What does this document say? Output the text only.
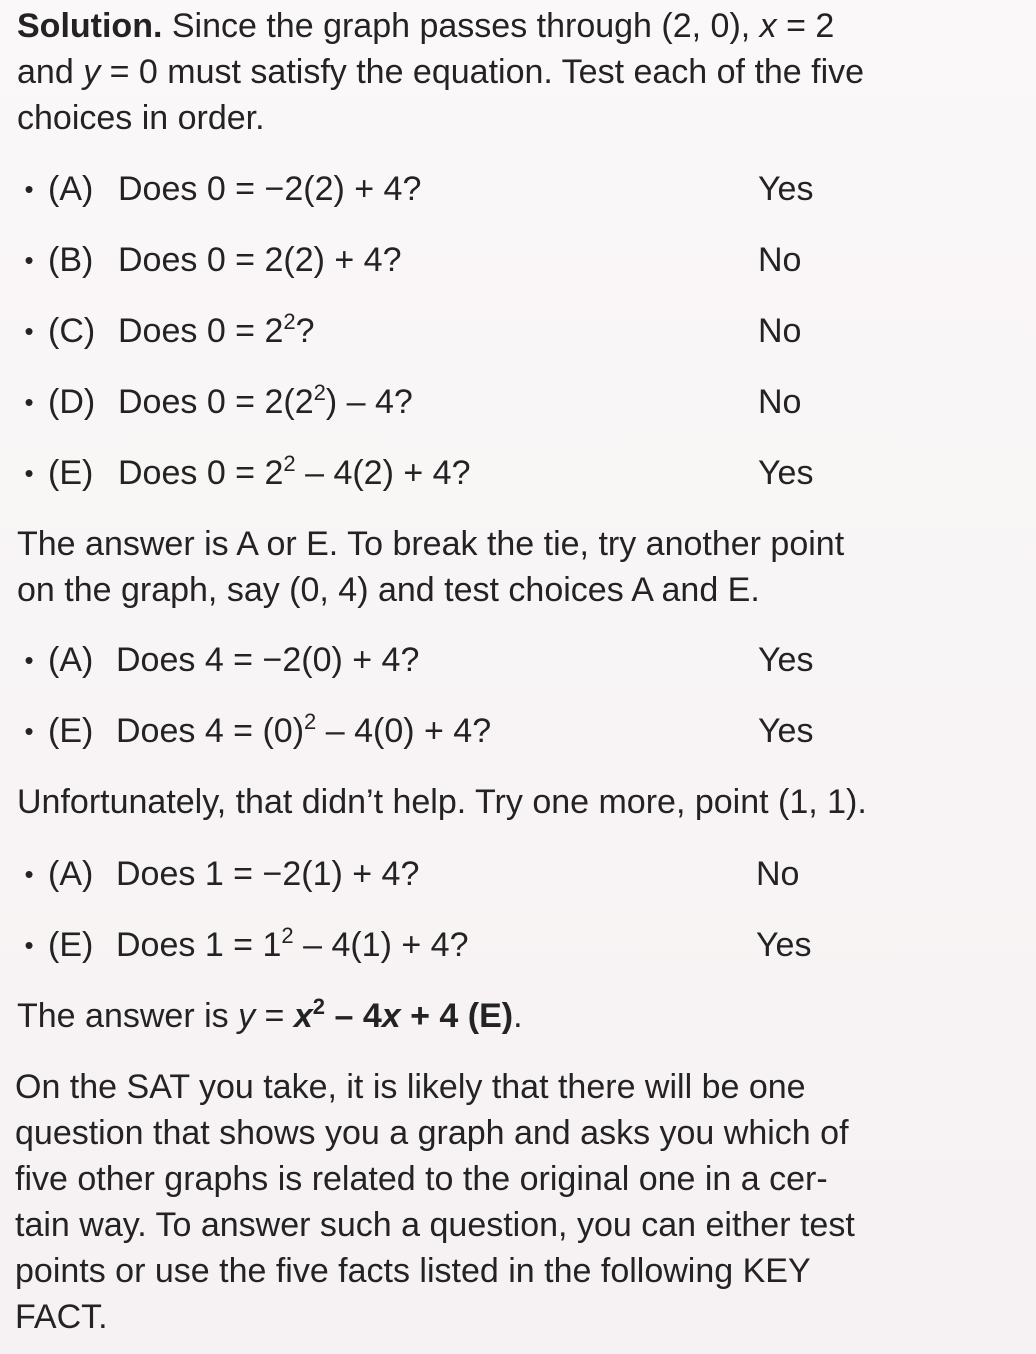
Solution. Since the graph passes through (2, 0), x = 2
and y = 0 must satisfy the equation. Test each of the five
choices in order.

• (A) Does 0 = −2(2) + 4?	Yes
• (B) Does 0 = 2(2) + 4?	No
• (C) Does $0 = 2^2$?	No
• (D) Does $0 = 2(2^2) - 4$?	No
• (E) Does $0 = 2^2 - 4(2) + 4$?	Yes

The answer is A or E. To break the tie, try another point
on the graph, say (0, 4) and test choices A and E.

• (A) Does 4 = −2(0) + 4?	Yes
• (E) Does $4 = (0)^2 - 4(0) + 4$?	Yes

Unfortunately, that didn’t help. Try one more, point (1, 1).

• (A) Does 1 = −2(1) + 4?	No
• (E) Does $1 = 1^2 - 4(1) + 4$?	Yes

The answer is $y = x^2 - 4x + 4$ (E).

On the SAT you take, it is likely that there will be one
question that shows you a graph and asks you which of
five other graphs is related to the original one in a cer-
tain way. To answer such a question, you can either test
points or use the five facts listed in the following KEY
FACT.
